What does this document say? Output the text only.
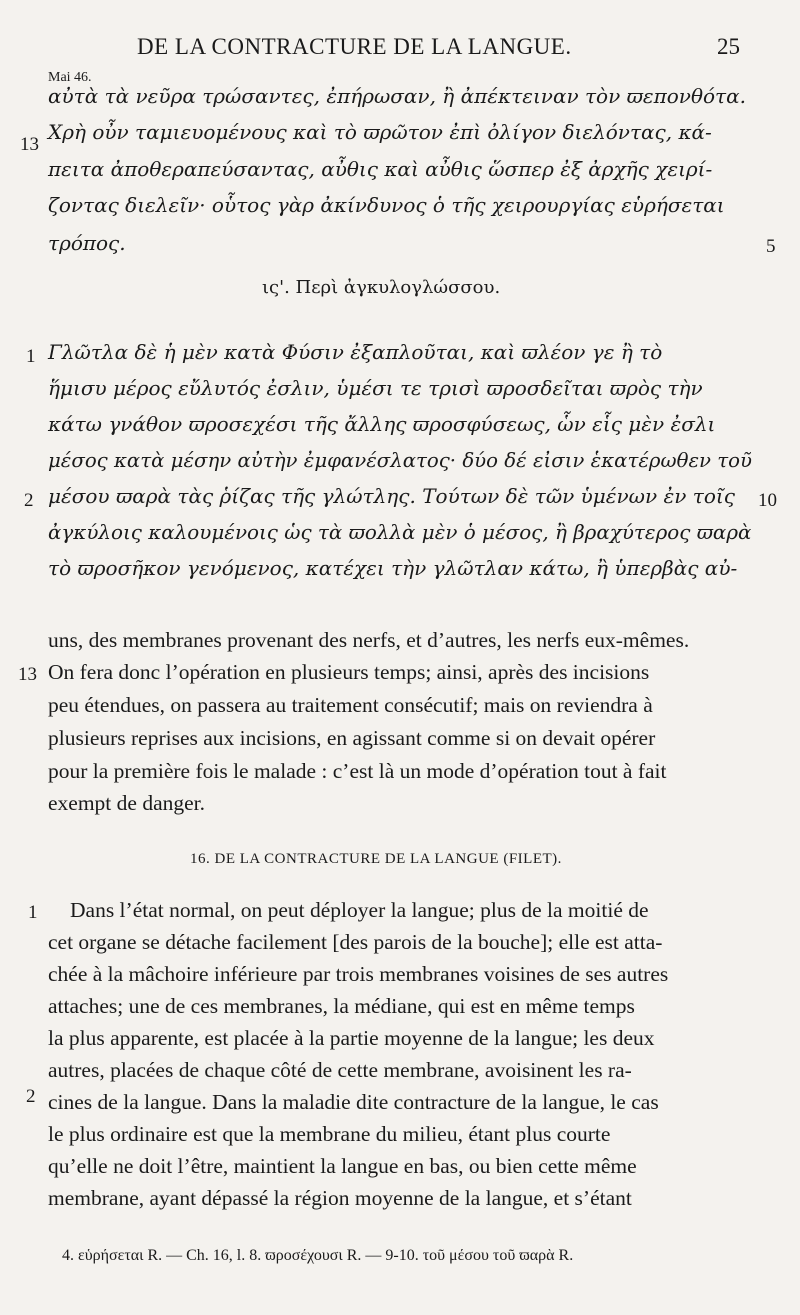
DE LA CONTRACTURE DE LA LANGUE.	25
Mai 46.
αὐτὰ τὰ νεῦρα τρώσαντες, ἐπήρωσαν, ἢ ἀπέκτειναν τὸν ϖεπονθότα.
Χρὴ οὖν ταμιευομένους καὶ τὸ ϖρῶτον ἐπὶ ὀλίγον διελόντας, κά-
πειτα ἀποθεραπεύσαντας, αὖθις καὶ αὖθις ὥσπερ ἐξ ἀρχῆς χειρί-
ζοντας διελεῖν· οὗτος γὰρ ἀκίνδυνος ὁ τῆς χειρουργίας εὑρήσεται
τρόπος.
13
5
ις'. Περὶ ἀγκυλογλώσσου.
Γλῶτλα δὲ ἡ μὲν κατὰ Φύσιν ἐξαπλοῦται, καὶ ϖλέον γε ἢ τὸ
ἥμισυ μέρος εὔλυτός ἐσλιν, ὑμέσι τε τρισὶ ϖροσδεῖται ϖρὸς τὴν
κάτω γνάθον ϖροσεχέσι τῆς ἄλλης ϖροσφύσεως, ὧν εἷς μὲν ἐσλι
μέσος κατὰ μέσην αὐτὴν ἐμφανέσλατος· δύο δέ εἰσιν ἑκατέρωθεν τοῦ
μέσου ϖαρὰ τὰς ῥίζας τῆς γλώτλης. Τούτων δὲ τῶν ὑμένων ἐν τοῖς
ἀγκύλοις καλουμένοις ὡς τὰ ϖολλὰ μὲν ὁ μέσος, ἢ βραχύτερος ϖαρὰ
τὸ ϖροσῆκον γενόμενος, κατέχει τὴν γλῶτλαν κάτω, ἢ ὑπερβὰς αὐ-
1
2	10
uns, des membranes provenant des nerfs, et d’autres, les nerfs eux-mêmes.
On fera donc l’opération en plusieurs temps; ainsi, après des incisions
peu étendues, on passera au traitement consécutif; mais on reviendra à
plusieurs reprises aux incisions, en agissant comme si on devait opérer
pour la première fois le malade : c’est là un mode d’opération tout à fait
exempt de danger.
13
16. DE LA CONTRACTURE DE LA LANGUE (FILET).
Dans l’état normal, on peut déployer la langue; plus de la moitié de
cet organe se détache facilement [des parois de la bouche]; elle est atta-
chée à la mâchoire inférieure par trois membranes voisines de ses autres
attaches; une de ces membranes, la médiane, qui est en même temps
la plus apparente, est placée à la partie moyenne de la langue; les deux
autres, placées de chaque côté de cette membrane, avoisinent les ra-
cines de la langue. Dans la maladie dite contracture de la langue, le cas
le plus ordinaire est que la membrane du milieu, étant plus courte
qu’elle ne doit l’être, maintient la langue en bas, ou bien cette même
membrane, ayant dépassé la région moyenne de la langue, et s’étant
1
2
4. εὑρήσεται R. — Ch. 16, l. 8. ϖροσέχουσι R. — 9-10. τοῦ μέσου τοῦ ϖαρὰ R.
